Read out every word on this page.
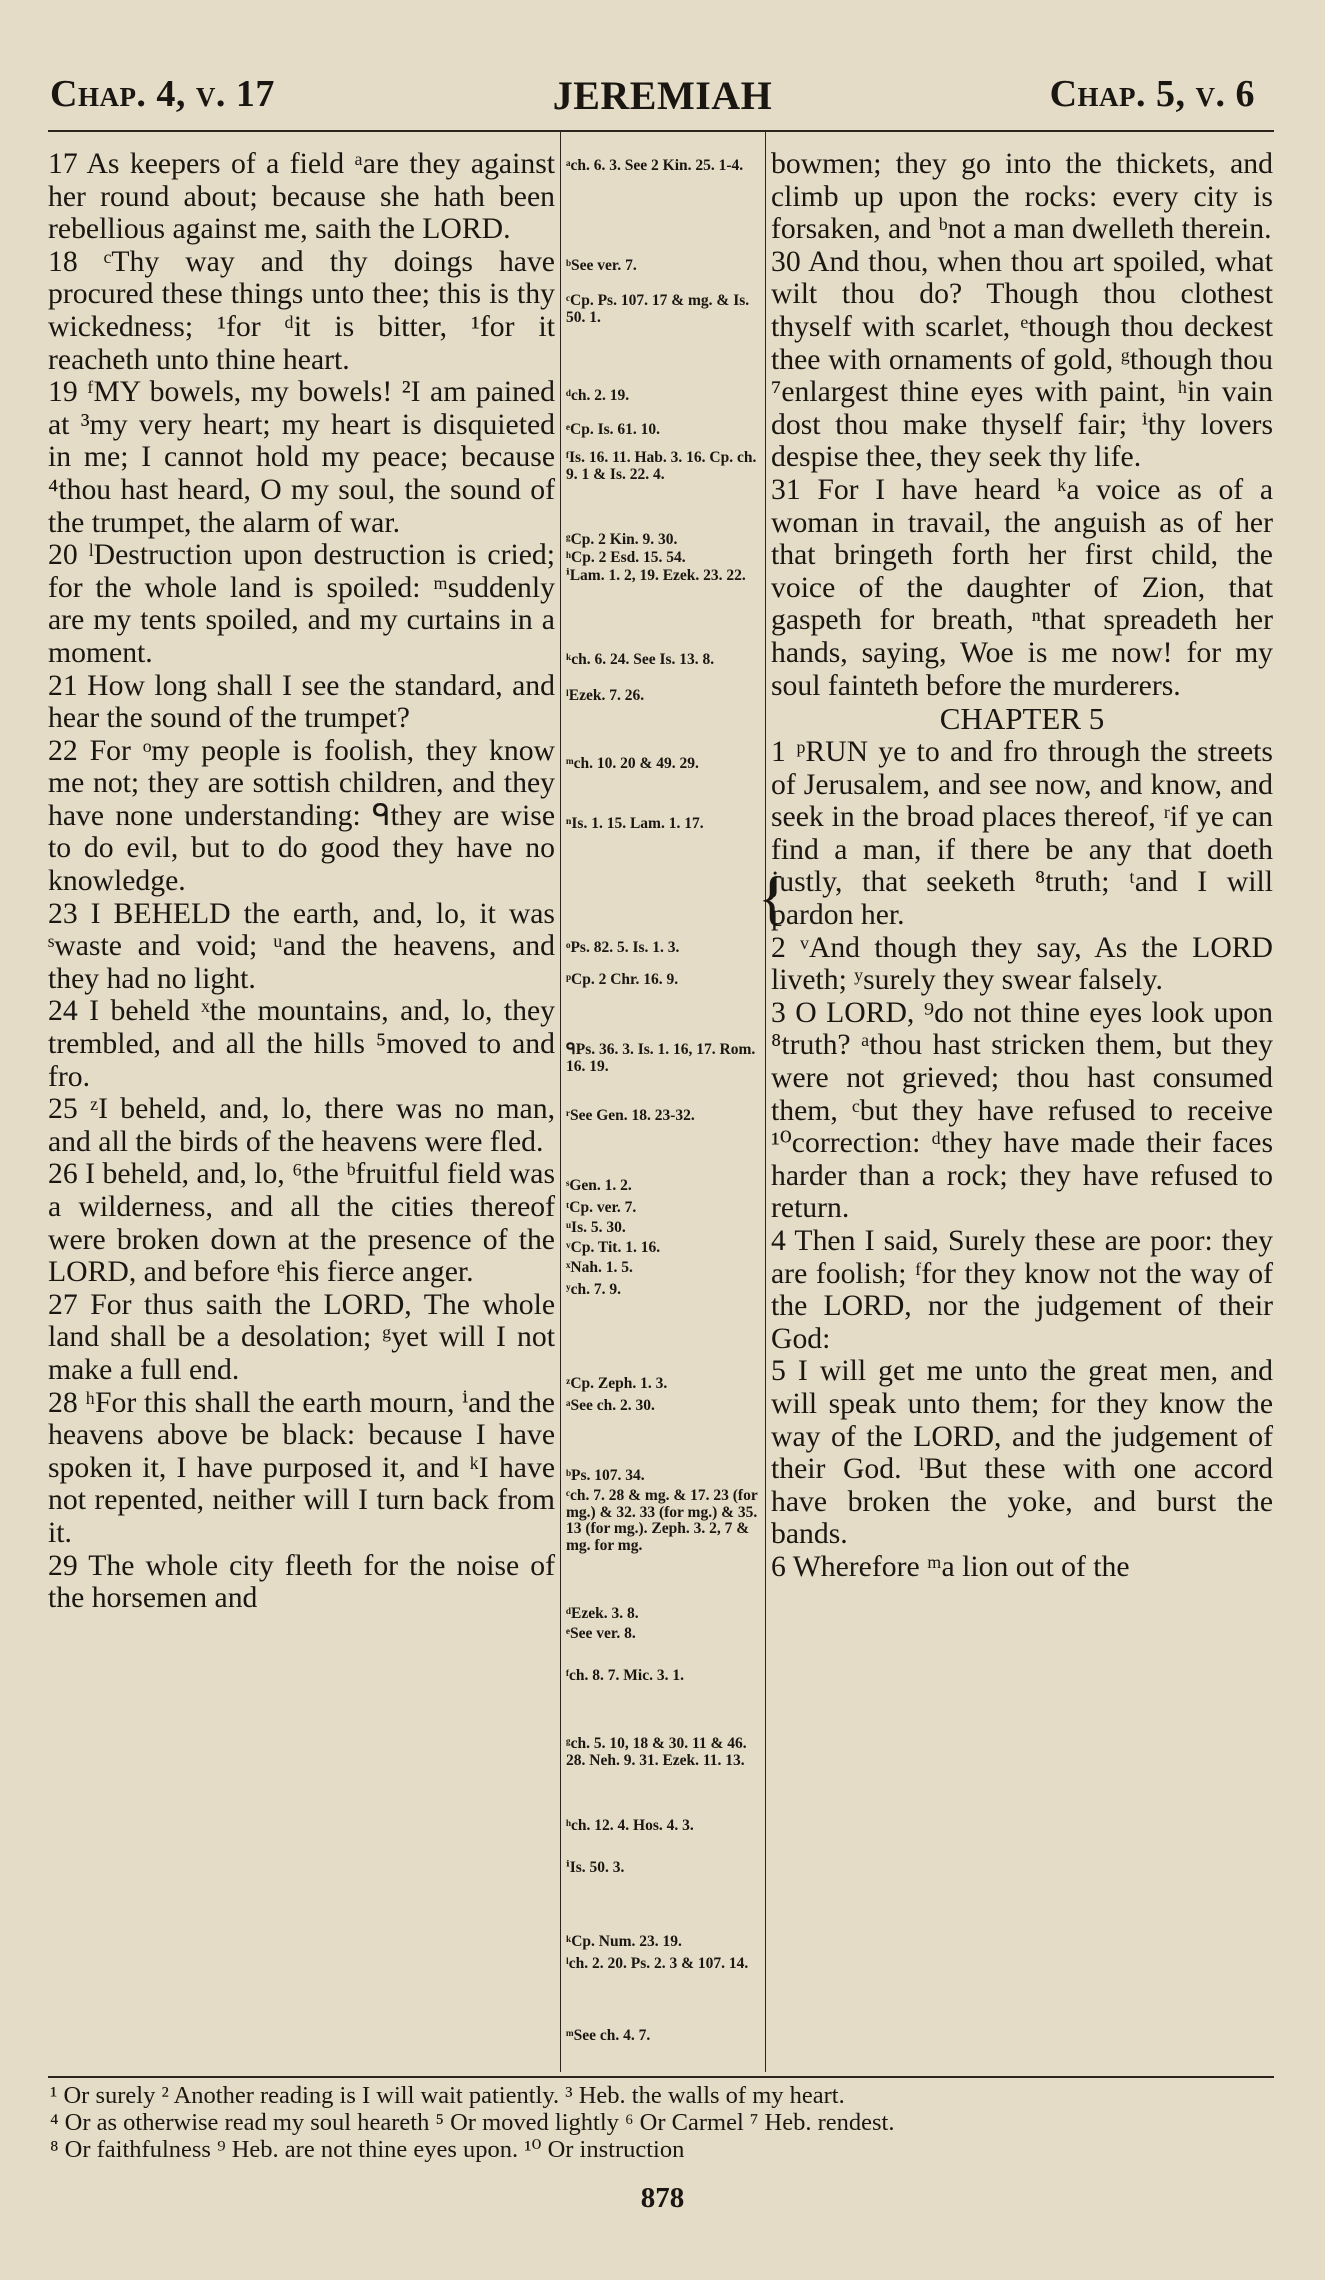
Chap. 4, v. 17	JEREMIAH	Chap. 5, v. 6

17 As keepers of a field ᵃare they against her round about; because she hath been rebellious against me, saith the LORD.

18 ᶜThy way and thy doings have procured these things unto thee; this is thy wickedness; ¹for ᵈit is bitter, ¹for it reacheth unto thine heart.

19 ᶠMY bowels, my bowels! ²I am pained at ³my very heart; my heart is disquieted in me; I cannot hold my peace; because ⁴thou hast heard, O my soul, the sound of the trumpet, the alarm of war.

20 ˡDestruction upon destruction is cried; for the whole land is spoiled: ᵐsuddenly are my tents spoiled, and my curtains in a moment.

21 How long shall I see the standard, and hear the sound of the trumpet?

22 For ᵒmy people is foolish, they know me not; they are sottish children, and they have none understanding: ᑫthey are wise to do evil, but to do good they have no knowledge.

23 I BEHELD the earth, and, lo, it was ˢwaste and void; ᵘand the heavens, and they had no light.

24 I beheld ˣthe mountains, and, lo, they trembled, and all the hills ⁵moved to and fro.

25 ᶻI beheld, and, lo, there was no man, and all the birds of the heavens were fled.

26 I beheld, and, lo, ⁶the ᵇfruitful field was a wilderness, and all the cities thereof were broken down at the presence of the LORD, and before ᵉhis fierce anger.

27 For thus saith the LORD, The whole land shall be a desolation; ᵍyet will I not make a full end.

28 ʰFor this shall the earth mourn, ⁱand the heavens above be black: because I have spoken it, I have purposed it, and ᵏI have not repented, neither will I turn back from it.

29 The whole city fleeth for the noise of the horsemen and

ᵃch. 6. 3. See 2 Kin. 25. 1-4.
ᵇSee ver. 7.
ᶜCp. Ps. 107. 17 & mg. & Is. 50. 1.
ᵈch. 2. 19.
ᵉCp. Is. 61. 10.
ᶠIs. 16. 11. Hab. 3. 16. Cp. ch. 9. 1 & Is. 22. 4.
ᵍCp. 2 Kin. 9. 30.
ʰCp. 2 Esd. 15. 54.
ⁱLam. 1. 2, 19. Ezek. 23. 22.
ᵏch. 6. 24. See Is. 13. 8.
ˡEzek. 7. 26.
ᵐch. 10. 20 & 49. 29.
ⁿIs. 1. 15. Lam. 1. 17.
ᵒPs. 82. 5. Is. 1. 3.
ᵖCp. 2 Chr. 16. 9.
ᑫPs. 36. 3. Is. 1. 16, 17. Rom. 16. 19.
ʳSee Gen. 18. 23-32.
ˢGen. 1. 2.
ᵗCp. ver. 7.
ᵘIs. 5. 30.
ᵛCp. Tit. 1. 16.
ˣNah. 1. 5.
ʸch. 7. 9.
ᶻCp. Zeph. 1. 3.
ᵃSee ch. 2. 30.
ᵇPs. 107. 34.
ᶜch. 7. 28 & mg. & 17. 23 (for mg.) & 32. 33 (for mg.) & 35. 13 (for mg.). Zeph. 3. 2, 7 & mg. for mg.
ᵈEzek. 3. 8.
ᵉSee ver. 8.
ᶠch. 8. 7. Mic. 3. 1.
ᵍch. 5. 10, 18 & 30. 11 & 46. 28. Neh. 9. 31. Ezek. 11. 13.
ʰch. 12. 4. Hos. 4. 3.
ⁱIs. 50. 3.
ᵏCp. Num. 23. 19.
ˡch. 2. 20. Ps. 2. 3 & 107. 14.
ᵐSee ch. 4. 7.
{

bowmen; they go into the thickets, and climb up upon the rocks: every city is forsaken, and ᵇnot a man dwelleth therein.

30 And thou, when thou art spoiled, what wilt thou do? Though thou clothest thyself with scarlet, ᵉthough thou deckest thee with ornaments of gold, ᵍthough thou ⁷enlargest thine eyes with paint, ʰin vain dost thou make thyself fair; ⁱthy lovers despise thee, they seek thy life.

31 For I have heard ᵏa voice as of a woman in travail, the anguish as of her that bringeth forth her first child, the voice of the daughter of Zion, that gaspeth for breath, ⁿthat spreadeth her hands, saying, Woe is me now! for my soul fainteth before the murderers.

CHAPTER 5

1 ᵖRUN ye to and fro through the streets of Jerusalem, and see now, and know, and seek in the broad places thereof, ʳif ye can find a man, if there be any that doeth justly, that seeketh ⁸truth; ᵗand I will pardon her.

2 ᵛAnd though they say, As the LORD liveth; ʸsurely they swear falsely.

3 O LORD, ⁹do not thine eyes look upon ⁸truth? ᵃthou hast stricken them, but they were not grieved; thou hast consumed them, ᶜbut they have refused to receive ¹⁰correction: ᵈthey have made their faces harder than a rock; they have refused to return.

4 Then I said, Surely these are poor: they are foolish; ᶠfor they know not the way of the LORD, nor the judgement of their God:

5 I will get me unto the great men, and will speak unto them; for they know the way of the LORD, and the judgement of their God. ˡBut these with one accord have broken the yoke, and burst the bands.

6 Wherefore ᵐa lion out of the

¹ Or surely ² Another reading is I will wait patiently. ³ Heb. the walls of my heart.
⁴ Or as otherwise read my soul heareth ⁵ Or moved lightly ⁶ Or Carmel ⁷ Heb. rendest.
⁸ Or faithfulness ⁹ Heb. are not thine eyes upon. ¹⁰ Or instruction
878
